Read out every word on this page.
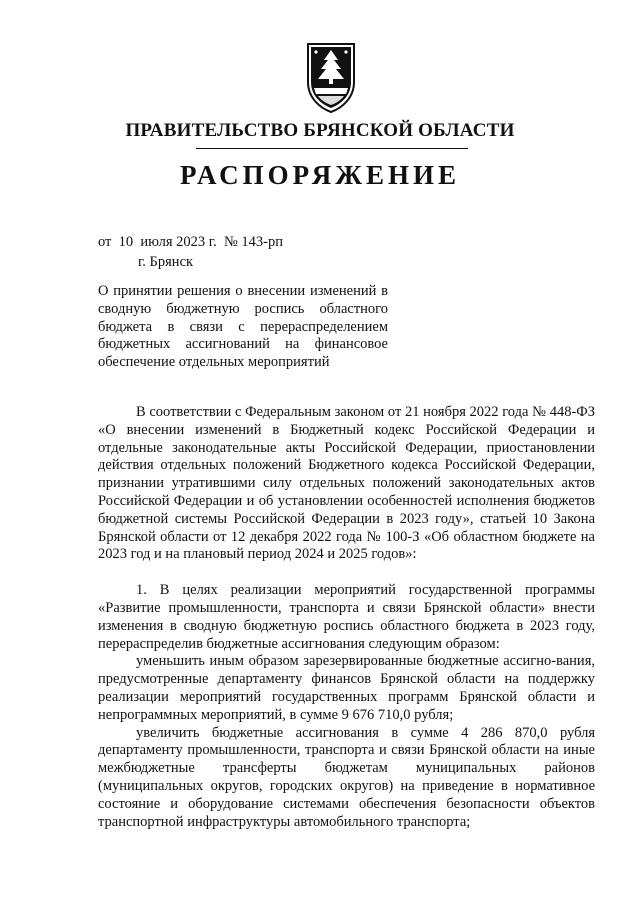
ПРАВИТЕЛЬСТВО БРЯНСКОЙ ОБЛАСТИ
РАСПОРЯЖЕНИЕ
от  10  июля 2023 г.  № 143-рп
г. Брянск
О принятии решения о внесении изменений в сводную бюджетную роспись областного бюджета в связи с перераспределением бюджетных ассигнований на финансовое обеспечение отдельных мероприятий

В соответствии с Федеральным законом от 21 ноября 2022 года № 448-ФЗ «О внесении изменений в Бюджетный кодекс Российской Федерации и отдельные законодательные акты Российской Федерации, приостановлении действия отдельных положений Бюджетного кодекса Российской Федерации, признании утратившими силу отдельных положений законодательных актов Российской Федерации и об установлении особенностей исполнения бюджетов бюджетной системы Российской Федерации в 2023 году», статьей 10 Закона Брянской области от 12 декабря 2022 года № 100-З «Об областном бюджете на 2023 год и на плановый период 2024 и 2025 годов»:

1. В целях реализации мероприятий государственной программы «Развитие промышленности, транспорта и связи Брянской области» внести изменения в сводную бюджетную роспись областного бюджета в 2023 году, перераспределив бюджетные ассигнования следующим образом:

уменьшить иным образом зарезервированные бюджетные ассигно-вания, предусмотренные департаменту финансов Брянской области на поддержку реализации мероприятий государственных программ Брянской области и непрограммных мероприятий, в сумме 9 676 710,0 рубля;

увеличить бюджетные ассигнования в сумме 4 286 870,0 рубля департаменту промышленности, транспорта и связи Брянской области на иные межбюджетные трансферты бюджетам муниципальных районов (муниципальных округов, городских округов) на приведение в нормативное состояние и оборудование системами обеспечения безопасности объектов транспортной инфраструктуры автомобильного транспорта;
